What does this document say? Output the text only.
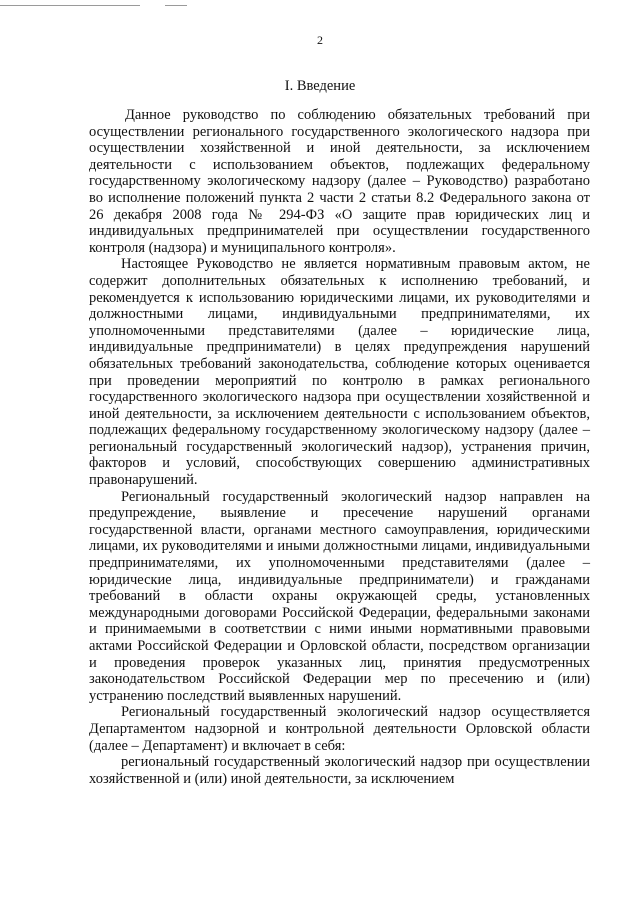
2
I. Введение

Данное руководство по соблюдению обязательных требований при осуществлении регионального государственного экологического надзора при осуществлении хозяйственной и иной деятельности, за исключением деятельности с использованием объектов, подлежащих федеральному государственному экологическому надзору (далее – Руководство) разработано во исполнение положений пункта 2 части 2 статьи 8.2 Федерального закона от 26 декабря 2008 года № 294-ФЗ «О защите прав юридических лиц и индивидуальных предпринимателей при осуществлении государственного контроля (надзора) и муниципального контроля».

Настоящее Руководство не является нормативным правовым актом, не содержит дополнительных обязательных к исполнению требований, и рекомендуется к использованию юридическими лицами, их руководителями и должностными лицами, индивидуальными предпринимателями, их уполномоченными представителями (далее – юридические лица, индивидуальные предприниматели) в целях предупреждения нарушений обязательных требований законодательства, соблюдение которых оценивается при проведении мероприятий по контролю в рамках регионального государственного экологического надзора при осуществлении хозяйственной и иной деятельности, за исключением деятельности с использованием объектов, подлежащих федеральному государственному экологическому надзору (далее – региональный государственный экологический надзор), устранения причин, факторов и условий, способствующих совершению административных правонарушений.

Региональный государственный экологический надзор направлен на предупреждение, выявление и пресечение нарушений органами государственной власти, органами местного самоуправления, юридическими лицами, их руководителями и иными должностными лицами, индивидуальными предпринимателями, их уполномоченными представителями (далее – юридические лица, индивидуальные предприниматели) и гражданами требований в области охраны окружающей среды, установленных международными договорами Российской Федерации, федеральными законами и принимаемыми в соответствии с ними иными нормативными правовыми актами Российской Федерации и Орловской области, посредством организации и проведения проверок указанных лиц, принятия предусмотренных законодательством Российской Федерации мер по пресечению и (или) устранению последствий выявленных нарушений.

Региональный государственный экологический надзор осуществляется Департаментом надзорной и контрольной деятельности Орловской области (далее – Департамент) и включает в себя:

региональный государственный экологический надзор при осуществлении хозяйственной и (или) иной деятельности, за исключением
